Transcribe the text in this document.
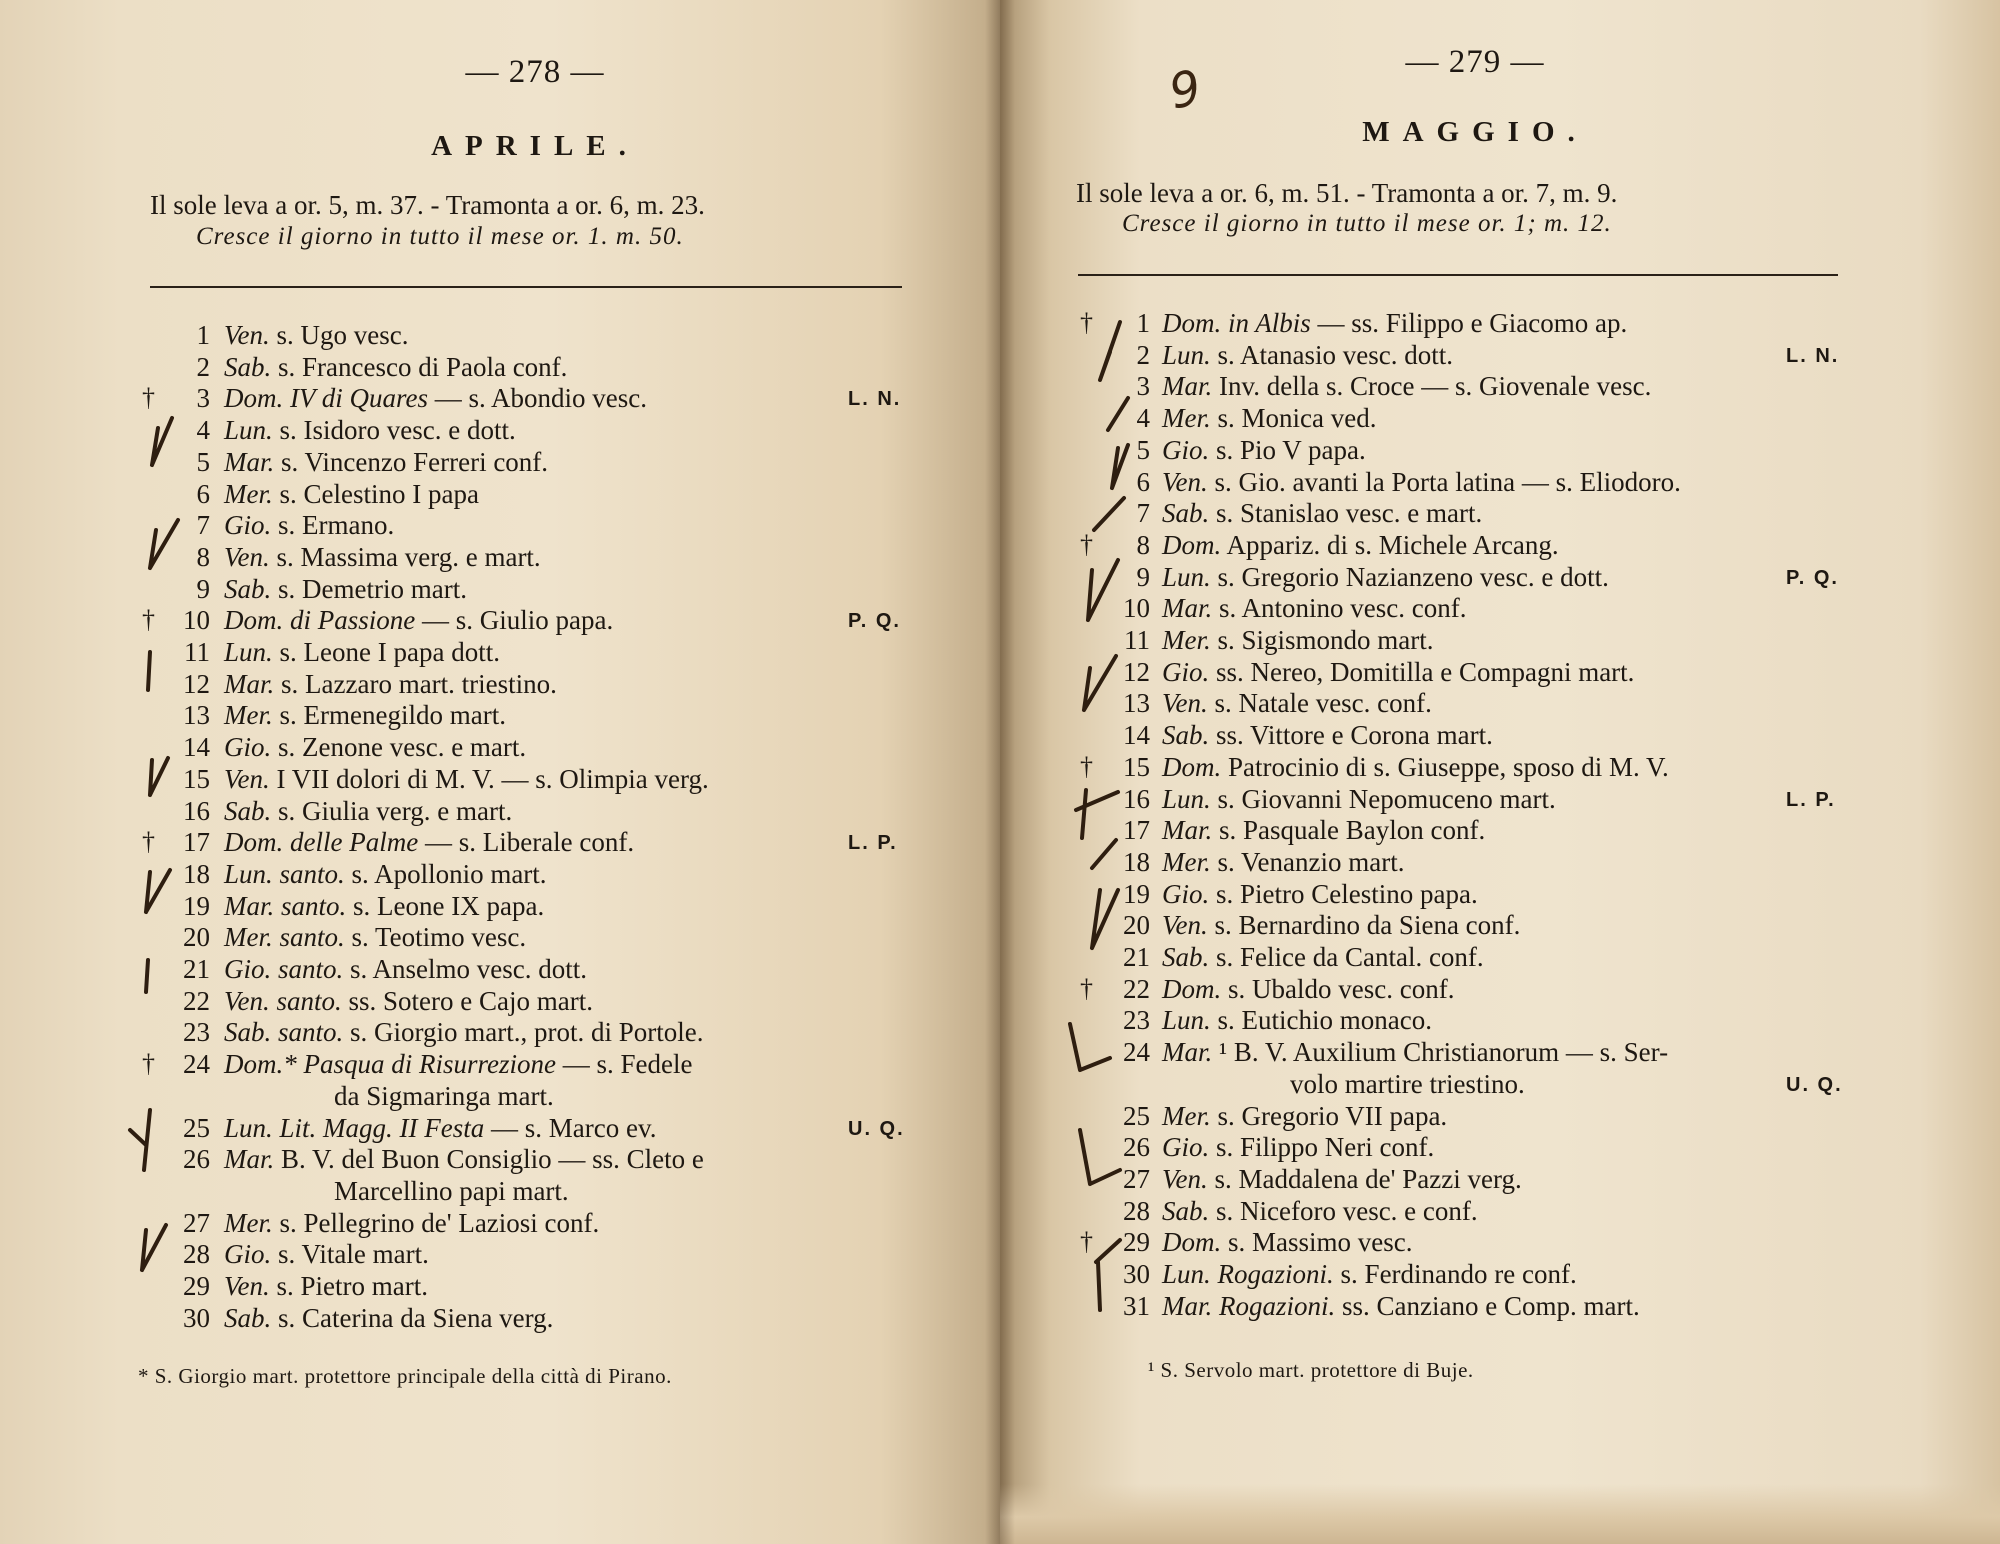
— 278 —
APRILE.
Il sole leva a or. 5, m. 37. - Tramonta a or. 6, m. 23.
Cresce il giorno in tutto il mese or. 1. m. 50.
1 Ven. s. Ugo vesc.
2 Sab. s. Francesco di Paola conf.
†	3 Dom. IV di Quares — s. Abondio vesc.	L. N.
4 Lun. s. Isidoro vesc. e dott.
5 Mar. s. Vincenzo Ferreri conf.
6 Mer. s. Celestino I papa
7 Gio. s. Ermano.
8 Ven. s. Massima verg. e mart.
9 Sab. s. Demetrio mart.
†	10 Dom. di Passione — s. Giulio papa.	P. Q.
11 Lun. s. Leone I papa dott.
12 Mar. s. Lazzaro mart. triestino.
13 Mer. s. Ermenegildo mart.
14 Gio. s. Zenone vesc. e mart.
15 Ven. I VII dolori di M. V. — s. Olimpia verg.
16 Sab. s. Giulia verg. e mart.
†	17 Dom. delle Palme — s. Liberale conf.	L. P.
18 Lun. santo. s. Apollonio mart.
19 Mar. santo. s. Leone IX papa.
20 Mer. santo. s. Teotimo vesc.
21 Gio. santo. s. Anselmo vesc. dott.
22 Ven. santo. ss. Sotero e Cajo mart.
23 Sab. santo. s. Giorgio mart., prot. di Portole.
†	24 Dom.* Pasqua di Risurrezione — s. Fedele
da Sigmaringa mart.
25 Lun. Lit. Magg. II Festa — s. Marco ev.	U. Q.
26 Mar. B. V. del Buon Consiglio — ss. Cleto e
Marcellino papi mart.
27 Mer. s. Pellegrino de' Laziosi conf.
28 Gio. s. Vitale mart.
29 Ven. s. Pietro mart.
30 Sab. s. Caterina da Siena verg.
* S. Giorgio mart. protettore principale della città di Pirano.
— 279 —
9
MAGGIO.
Il sole leva a or. 6, m. 51. - Tramonta a or. 7, m. 9.
Cresce il giorno in tutto il mese or. 1; m. 12.
†	1 Dom. in Albis — ss. Filippo e Giacomo ap.
2 Lun. s. Atanasio vesc. dott.	L. N.
3 Mar. Inv. della s. Croce — s. Giovenale vesc.
4 Mer. s. Monica ved.
5 Gio. s. Pio V papa.
6 Ven. s. Gio. avanti la Porta latina — s. Eliodoro.
7 Sab. s. Stanislao vesc. e mart.
†	8 Dom. Appariz. di s. Michele Arcang.
9 Lun. s. Gregorio Nazianzeno vesc. e dott.	P. Q.
10 Mar. s. Antonino vesc. conf.
11 Mer. s. Sigismondo mart.
12 Gio. ss. Nereo, Domitilla e Compagni mart.
13 Ven. s. Natale vesc. conf.
14 Sab. ss. Vittore e Corona mart.
†	15 Dom. Patrocinio di s. Giuseppe, sposo di M. V.
16 Lun. s. Giovanni Nepomuceno mart.	L. P.
17 Mar. s. Pasquale Baylon conf.
18 Mer. s. Venanzio mart.
19 Gio. s. Pietro Celestino papa.
20 Ven. s. Bernardino da Siena conf.
21 Sab. s. Felice da Cantal. conf.
†	22 Dom. s. Ubaldo vesc. conf.
23 Lun. s. Eutichio monaco.
24 Mar. ¹ B. V. Auxilium Christianorum — s. Ser-
volo martire triestino.	U. Q.
25 Mer. s. Gregorio VII papa.
26 Gio. s. Filippo Neri conf.
27 Ven. s. Maddalena de' Pazzi verg.
28 Sab. s. Niceforo vesc. e conf.
†	29 Dom. s. Massimo vesc.
30 Lun. Rogazioni. s. Ferdinando re conf.
31 Mar. Rogazioni. ss. Canziano e Comp. mart.
¹ S. Servolo mart. protettore di Buje.
